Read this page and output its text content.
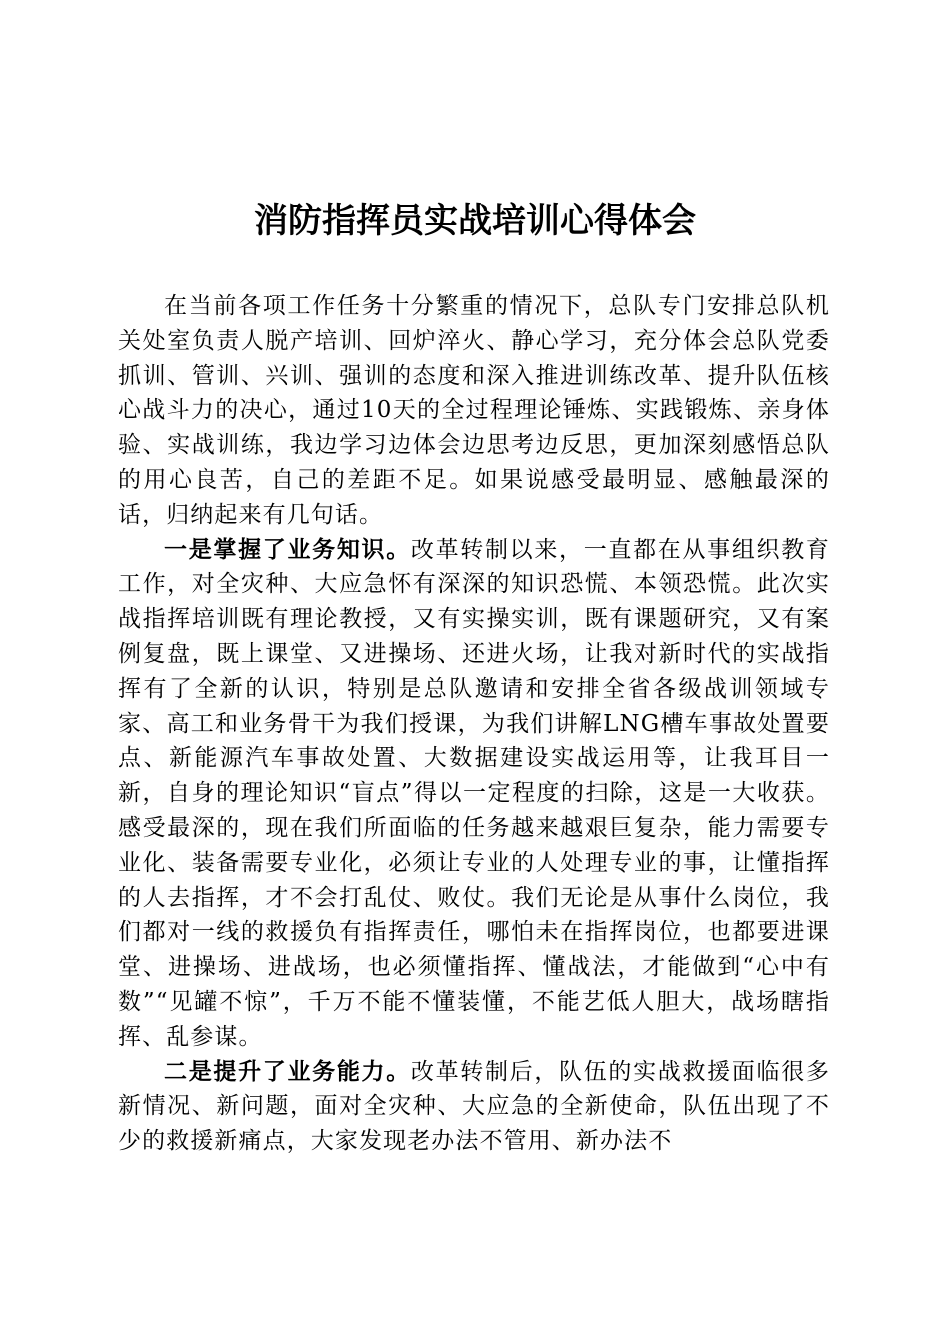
消防指挥员实战培训心得体会

在当前各项工作任务十分繁重的情况下，总队专门安排总队机关处室负责人脱产培训、回炉淬火、静心学习，充分体会总队党委抓训、管训、兴训、强训的态度和深入推进训练改革、提升队伍核心战斗力的决心，通过10天的全过程理论锤炼、实践锻炼、亲身体验、实战训练，我边学习边体会边思考边反思，更加深刻感悟总队的用心良苦，自己的差距不足。如果说感受最明显、感触最深的话，归纳起来有几句话。

一是掌握了业务知识。改革转制以来，一直都在从事组织教育工作，对全灾种、大应急怀有深深的知识恐慌、本领恐慌。此次实战指挥培训既有理论教授，又有实操实训，既有课题研究，又有案例复盘，既上课堂、又进操场、还进火场，让我对新时代的实战指挥有了全新的认识，特别是总队邀请和安排全省各级战训领域专家、高工和业务骨干为我们授课，为我们讲解LNG槽车事故处置要点、新能源汽车事故处置、大数据建设实战运用等，让我耳目一新，自身的理论知识“盲点”得以一定程度的扫除，这是一大收获。感受最深的，现在我们所面临的任务越来越艰巨复杂，能力需要专业化、装备需要专业化，必须让专业的人处理专业的事，让懂指挥的人去指挥，才不会打乱仗、败仗。我们无论是从事什么岗位，我们都对一线的救援负有指挥责任，哪怕未在指挥岗位，也都要进课堂、进操场、进战场，也必须懂指挥、懂战法，才能做到“心中有数”“见罐不惊”，千万不能不懂装懂，不能艺低人胆大，战场瞎指挥、乱参谋。

二是提升了业务能力。改革转制后，队伍的实战救援面临很多新情况、新问题，面对全灾种、大应急的全新使命，队伍出现了不少的救援新痛点，大家发现老办法不管用、新办法不
